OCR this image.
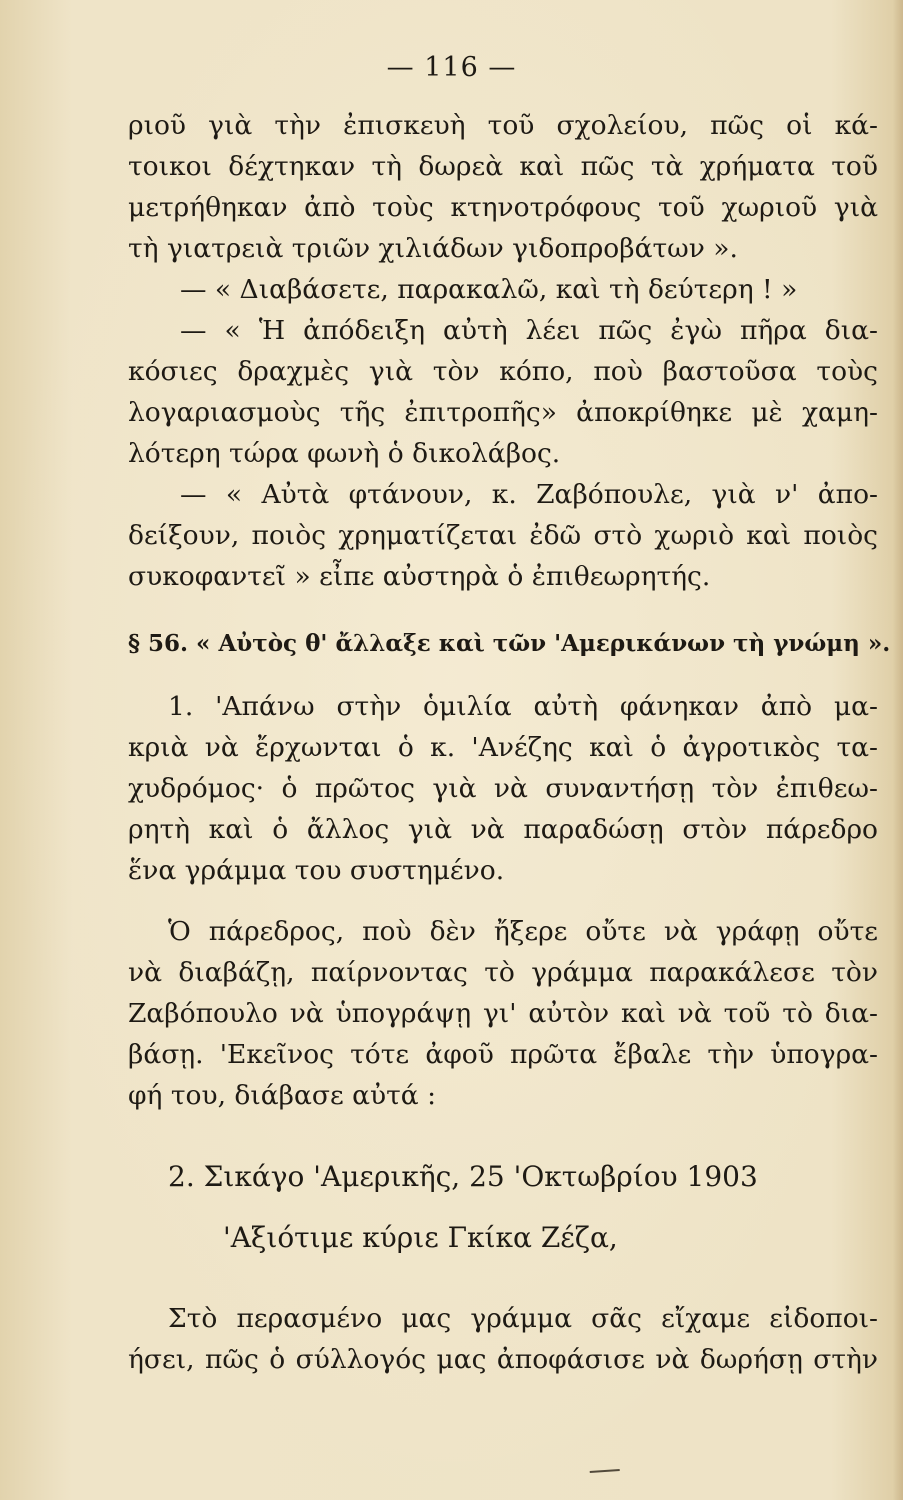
— 116 —
ριοῦ γιὰ τὴν ἐπισκευὴ τοῦ σχολείου, πῶς οἱ κά-
τοικοι δέχτηκαν τὴ δωρεὰ καὶ πῶς τὰ χρήματα τοῦ
μετρήθηκαν ἀπὸ τοὺς κτηνοτρόφους τοῦ χωριοῦ γιὰ
τὴ γιατρειὰ τριῶν χιλιάδων γιδοπροβάτων ».
— « Διαβάσετε, παρακαλῶ, καὶ τὴ δεύτερη ! »
— « Ἡ ἀπόδειξη αὐτὴ λέει πῶς ἐγὼ πῆρα δια-
κόσιες δραχμὲς γιὰ τὸν κόπο, ποὺ βαστοῦσα τοὺς
λογαριασμοὺς τῆς ἐπιτροπῆς» ἀποκρίθηκε μὲ χαμη-
λότερη τώρα φωνὴ ὁ δικολάβος.
— « Αὐτὰ φτάνουν, κ. Ζαβόπουλε, γιὰ ν' ἀπο-
δείξουν, ποιὸς χρηματίζεται ἐδῶ στὸ χωριὸ καὶ ποιὸς
συκοφαντεῖ » εἶπε αὐστηρὰ ὁ ἐπιθεωρητής.
§ 56. « Αὐτὸς θ' ἄλλαξε καὶ τῶν 'Αμερικάνων τὴ γνώμη ».
1. 'Απάνω στὴν ὁμιλία αὐτὴ φάνηκαν ἀπὸ μα-
κριὰ νὰ ἔρχωνται ὁ κ. 'Ανέζης καὶ ὁ ἀγροτικὸς τα-
χυδρόμος· ὁ πρῶτος γιὰ νὰ συναντήσῃ τὸν ἐπιθεω-
ρητὴ καὶ ὁ ἄλλος γιὰ νὰ παραδώσῃ στὸν πάρεδρο
ἕνα γράμμα του συστημένο.
Ὁ πάρεδρος, ποὺ δὲν ἤξερε οὔτε νὰ γράφῃ οὔτε
νὰ διαβάζῃ, παίρνοντας τὸ γράμμα παρακάλεσε τὸν
Ζαβόπουλο νὰ ὑπογράψῃ γι' αὐτὸν καὶ νὰ τοῦ τὸ δια-
βάσῃ. 'Εκεῖνος τότε ἀφοῦ πρῶτα ἔβαλε τὴν ὑπογρα-
φή του, διάβασε αὐτά :
2. Σικάγο 'Αμερικῆς, 25 'Οκτωβρίου 1903
'Αξιότιμε κύριε Γκίκα Ζέζα,
Στὸ περασμένο μας γράμμα σᾶς εἴχαμε εἰδοποι-
ήσει, πῶς ὁ σύλλογός μας ἀποφάσισε νὰ δωρήσῃ στὴν
